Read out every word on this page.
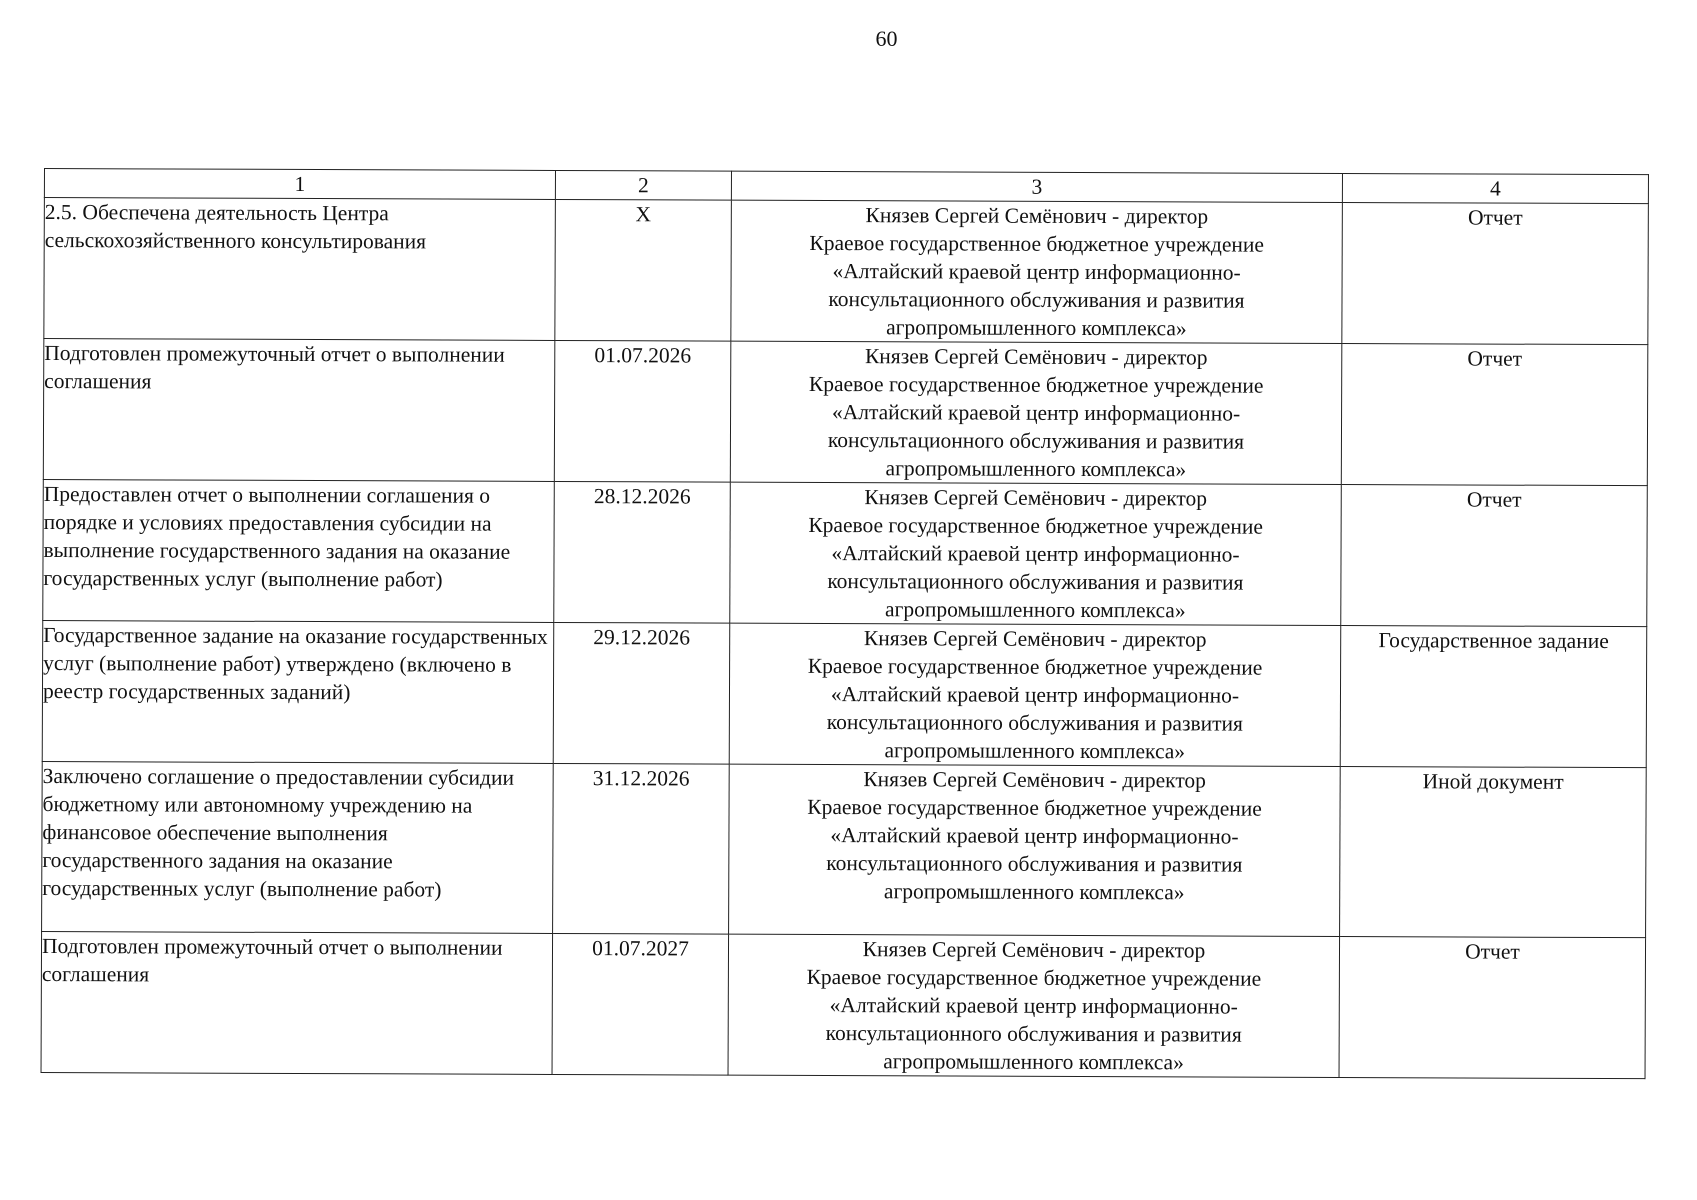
60
1	2	3	4
2.5. Обеспечена деятельность Центра сельскохозяйственного консультирования	Х	Князев Сергей Семёнович - директор
Краевое государственное бюджетное учреждение
«Алтайский краевой центр информационно-
консультационного обслуживания и развития
агропромышленного комплекса»	Отчет
Подготовлен промежуточный отчет о выполнении соглашения	01.07.2026	Князев Сергей Семёнович - директор
Краевое государственное бюджетное учреждение
«Алтайский краевой центр информационно-
консультационного обслуживания и развития
агропромышленного комплекса»	Отчет
Предоставлен отчет о выполнении соглашения о порядке и условиях предоставления субсидии на выполнение государственного задания на оказание государственных услуг (выполнение работ)	28.12.2026	Князев Сергей Семёнович - директор
Краевое государственное бюджетное учреждение
«Алтайский краевой центр информационно-
консультационного обслуживания и развития
агропромышленного комплекса»	Отчет
Государственное задание на оказание государственных услуг (выполнение работ) утверждено (включено в реестр государственных заданий)	29.12.2026	Князев Сергей Семёнович - директор
Краевое государственное бюджетное учреждение
«Алтайский краевой центр информационно-
консультационного обслуживания и развития
агропромышленного комплекса»	Государственное задание
Заключено соглашение о предоставлении субсидии бюджетному или автономному учреждению на финансовое обеспечение выполнения государственного задания на оказание государственных услуг (выполнение работ)	31.12.2026	Князев Сергей Семёнович - директор
Краевое государственное бюджетное учреждение
«Алтайский краевой центр информационно-
консультационного обслуживания и развития
агропромышленного комплекса»	Иной документ
Подготовлен промежуточный отчет о выполнении соглашения	01.07.2027	Князев Сергей Семёнович - директор
Краевое государственное бюджетное учреждение
«Алтайский краевой центр информационно-
консультационного обслуживания и развития
агропромышленного комплекса»	Отчет
